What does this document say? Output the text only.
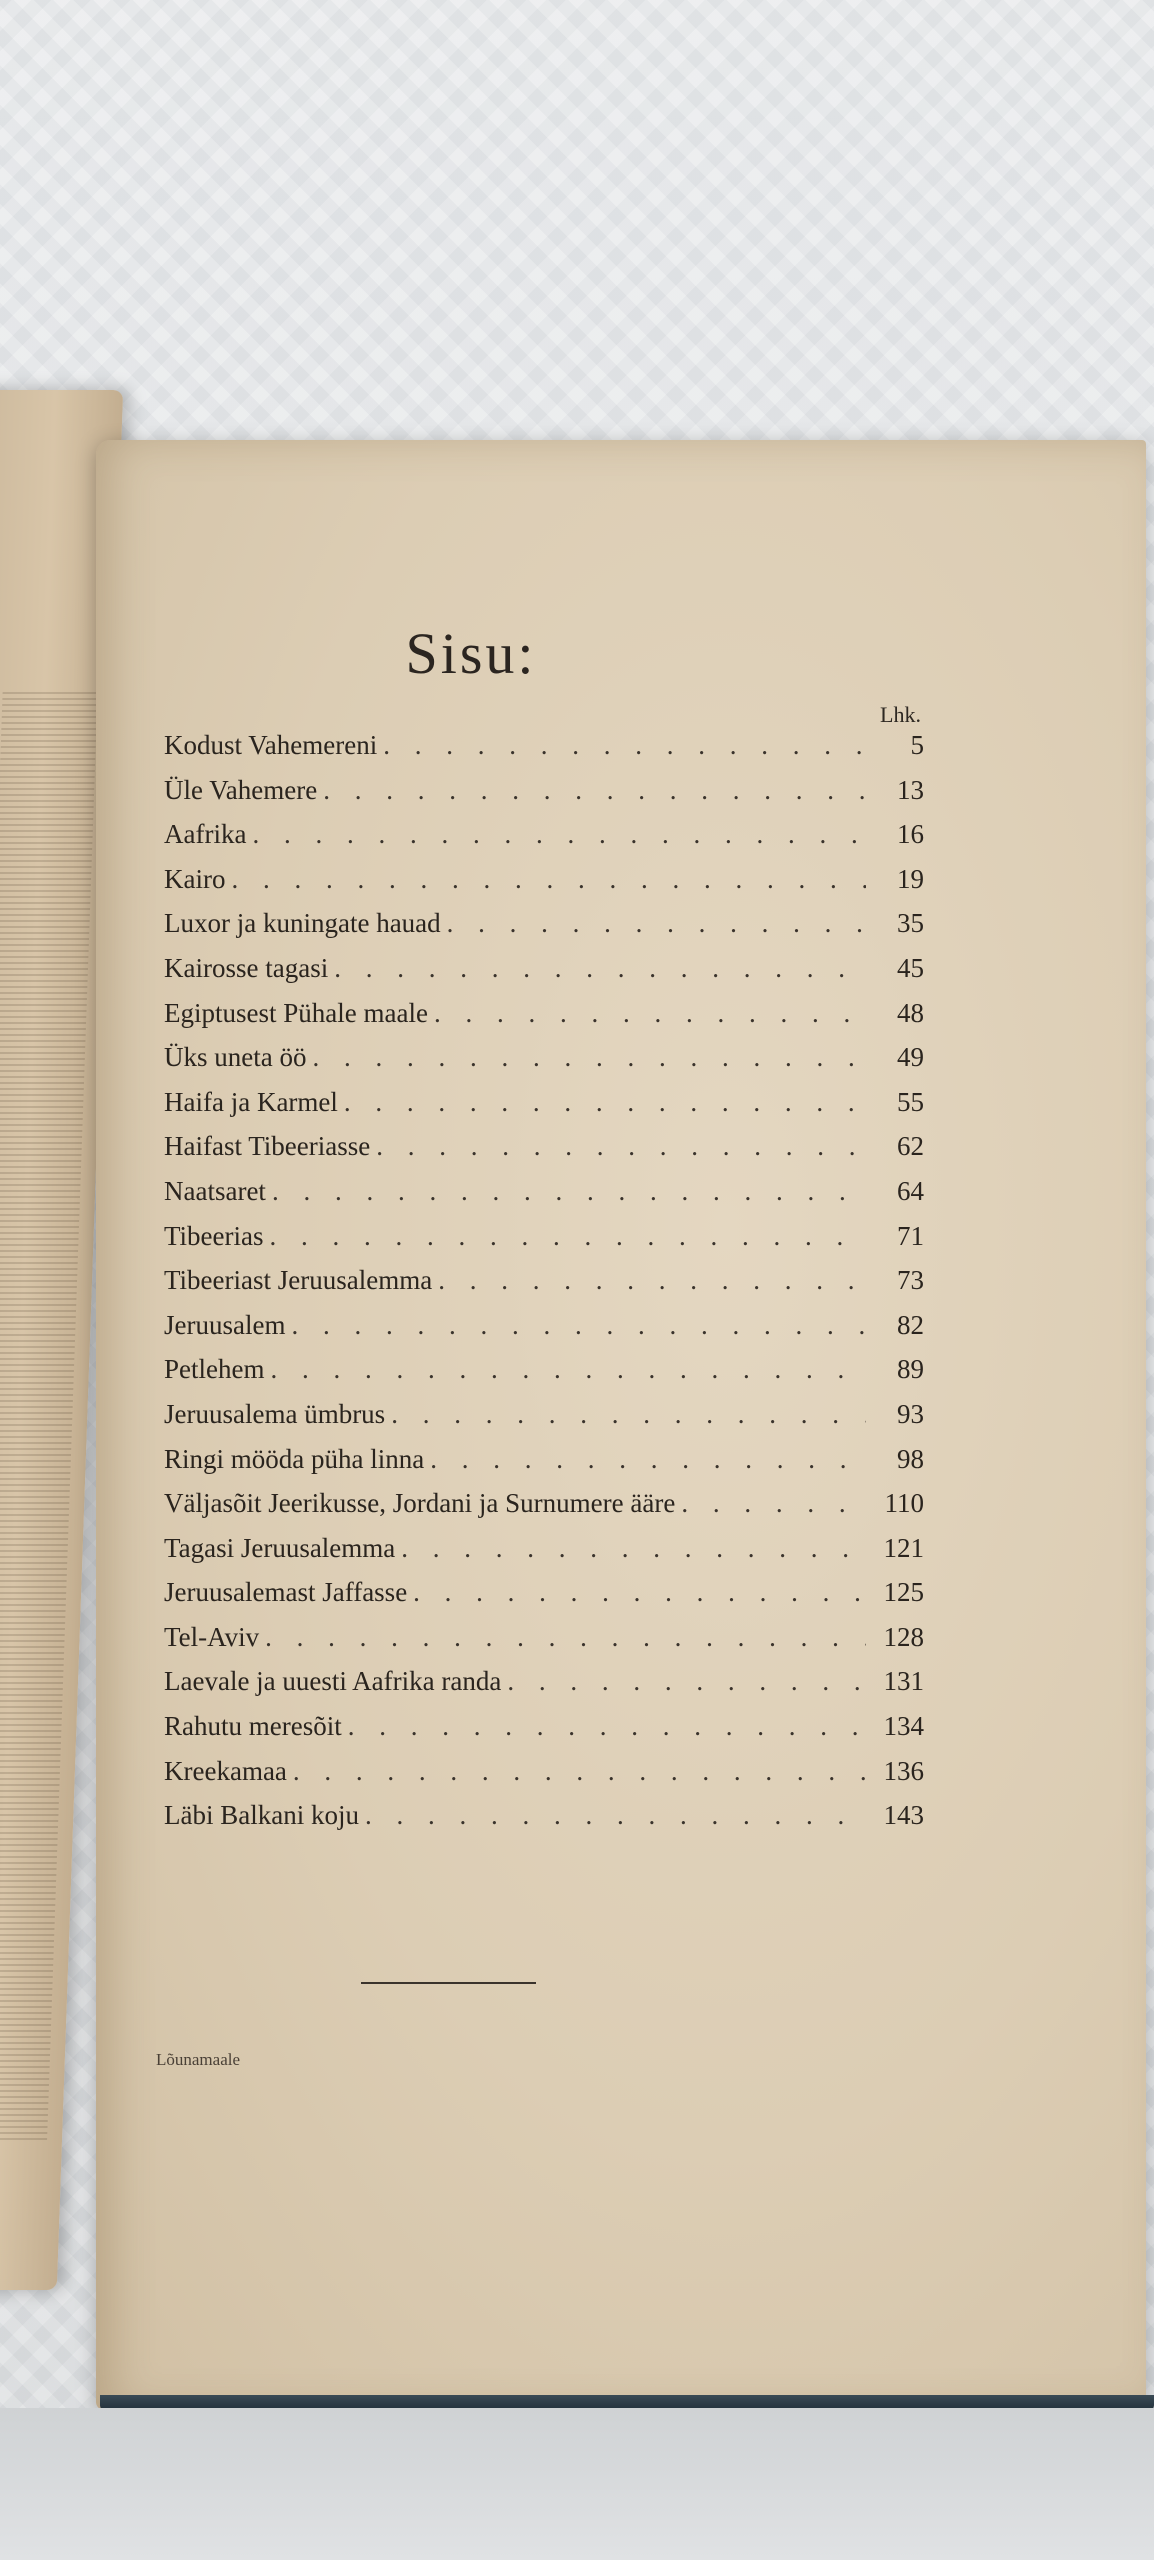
Sisu:
Lhk.
Kodust Vahemereni . . .	5
Üle Vahemere . . .	13
Aafrika . . .	16
Kairo . . .	19
Luxor ja kuningate hauad . . .	35
Kairosse tagasi . . .	45
Egiptusest Pühale maale . . .	48
Üks uneta öö . . .	49
Haifa ja Karmel . . .	55
Haifast Tibeeriasse . . .	62
Naatsaret . . .	64
Tibeerias . . .	71
Tibeeriast Jeruusalemma . . .	73
Jeruusalem . . .	82
Petlehem . . .	89
Jeruusalema ümbrus . . .	93
Ringi mööda püha linna . . .	98
Väljasõit Jeerikusse, Jordani ja Surnumere ääre . . .	110
Tagasi Jeruusalemma . . .	121
Jeruusalemast Jaffasse . . .	125
Tel-Aviv . . .	128
Laevale ja uuesti Aafrika randa . . .	131
Rahutu meresõit . . .	134
Kreekamaa . . .	136
Läbi Balkani koju . . .	143
Lõunamaale
